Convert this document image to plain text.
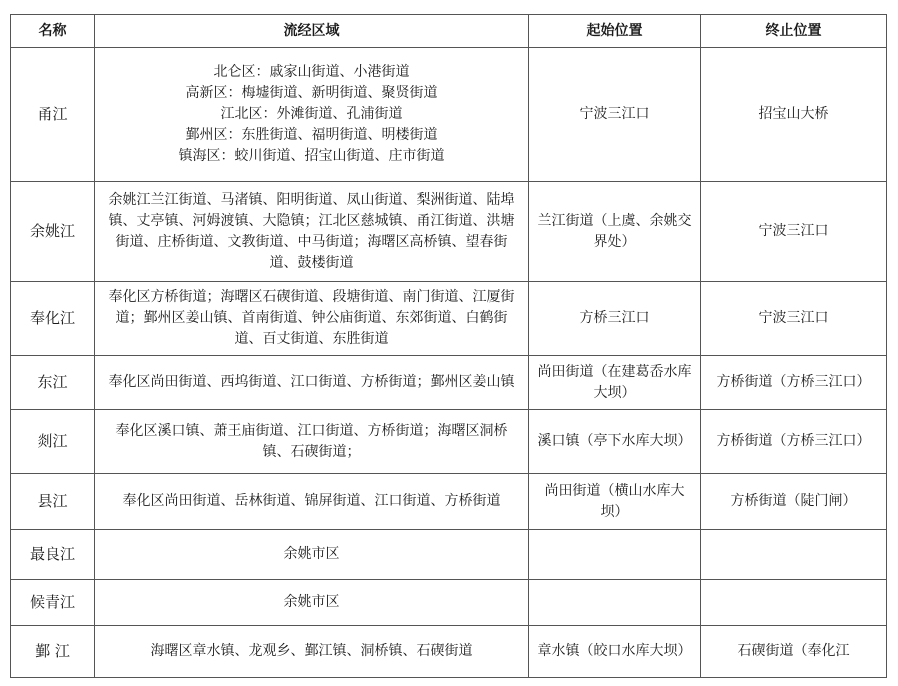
名称	流经区域	起始位置	终止位置
甬江	北仑区：戚家山街道、小港街道
高新区：梅墟街道、新明街道、聚贤街道
江北区：外滩街道、孔浦街道
鄞州区：东胜街道、福明街道、明楼街道
镇海区：蛟川街道、招宝山街道、庄市街道	宁波三江口	招宝山大桥
余姚江	余姚江兰江街道、马渚镇、阳明街道、凤山街道、梨洲街道、陆埠镇、丈亭镇、河姆渡镇、大隐镇；江北区慈城镇、甬江街道、洪塘街道、庄桥街道、文教街道、中马街道；海曙区高桥镇、望春街道、鼓楼街道	兰江街道（上虞、余姚交界处）	宁波三江口
奉化江	奉化区方桥街道；海曙区石碶街道、段塘街道、南门街道、江厦街道；鄞州区姜山镇、首南街道、钟公庙街道、东郊街道、白鹤街道、百丈街道、东胜街道	方桥三江口	宁波三江口
东江	奉化区尚田街道、西坞街道、江口街道、方桥街道；鄞州区姜山镇	尚田街道（在建葛岙水库大坝）	方桥街道（方桥三江口）
剡江	奉化区溪口镇、萧王庙街道、江口街道、方桥街道；海曙区洞桥镇、石碶街道；	溪口镇（亭下水库大坝）	方桥街道（方桥三江口）
县江	奉化区尚田街道、岳林街道、锦屏街道、江口街道、方桥街道	尚田街道（横山水库大坝）	方桥街道（陡门闸）
最良江	余姚市区		
候青江	余姚市区		
鄞 江	海曙区章水镇、龙观乡、鄞江镇、洞桥镇、石碶街道	章水镇（皎口水库大坝）	石碶街道（奉化江
